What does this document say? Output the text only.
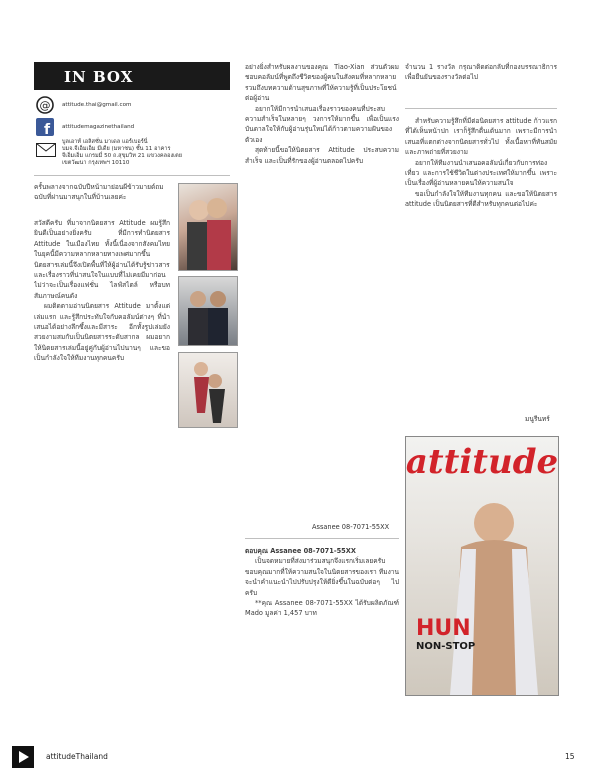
IN BOX
@ attitude.thai@gmail.com
f attitudemagazinethailand
บูลเอาท์ เอลิสซั่น มาเดล แอร์เบอร์นี่
บมจ.จีเอ็มเอ็ม มีเดีย (มหาชน) ชั้น 11 อาคาร
จีเอ็มเอ็ม แกรมมี่ 50 ถ.สุขุมวิท 21 แขวงคลองเตย
เขตวัฒนา กรุงเทพฯ 10110

ครั้นพลางจากฉบับปีหน้ามาย่อนผีข้าวมายด์ถมฉบับที่ผ่านมาสนุกในที่บ้านเลยค่ะ

สวัสดีครับ ที่มาจากนิตยสาร Attitude ผมรู้สึกยินดีเป็นอย่างยิ่งครับ ที่มีการทำนิตยสาร Attitude ในเมืองไทย ทั้งนี้เนื่องจากสังคมไทยในยุคนี้มีความหลากหลายทางเพศมากขึ้น นิตยสารเล่มนี้จึงเปิดพื้นที่ให้ผู้อ่านได้รับรู้ข่าวสารและเรื่องราวที่น่าสนใจในแบบที่ไม่เคยมีมาก่อน ไม่ว่าจะเป็นเรื่องแฟชั่น ไลฟ์สไตล์ หรือบทสัมภาษณ์คนดัง

ผมติดตามอ่านนิตยสาร Attitude มาตั้งแต่เล่มแรก และรู้สึกประทับใจกับคอลัมน์ต่างๆ ที่นำเสนอได้อย่างลึกซึ้งและมีสาระ อีกทั้งรูปเล่มยังสวยงามสมกับเป็นนิตยสารระดับสากล ผมอยากให้นิตยสารเล่มนี้อยู่คู่กับผู้อ่านไปนานๆ และขอเป็นกำลังใจให้ทีมงานทุกคนครับ

อย่างยิ่งสำหรับผลงานของคุณ Tiao-Xian ส่วนตัวผมชอบคอลัมน์ที่พูดถึงชีวิตของผู้คนในสังคมที่หลากหลาย รวมถึงบทความด้านสุขภาพที่ให้ความรู้ที่เป็นประโยชน์ต่อผู้อ่าน

อยากให้มีการนำเสนอเรื่องราวของคนที่ประสบความสำเร็จในหลายๆ วงการให้มากขึ้น เพื่อเป็นแรงบันดาลใจให้กับผู้อ่านรุ่นใหม่ได้ก้าวตามความฝันของตัวเอง

สุดท้ายนี้ขอให้นิตยสาร Attitude ประสบความสำเร็จ และเป็นที่รักของผู้อ่านตลอดไปครับ

Assanee 08-7071-55XX

ตอบคุณ Assanee 08-7071-55XX

เป็นจดหมายที่ส่งมาร่วมสนุกจึงแรกเริ่มเลยครับ ขอบคุณมากที่ให้ความสนใจในนิตยสารของเรา ทีมงานจะนำคำแนะนำไปปรับปรุงให้ดียิ่งขึ้นในฉบับต่อๆ ไปครับ

**คุณ Assanee 08-7071-55XX ได้รับผลิตภัณฑ์ Mado มูลค่า 1,457 บาท

จำนวน 1 รางวัล กรุณาติดต่อกลับที่กองบรรณาธิการ เพื่อยืนยันของรางวัลต่อไป

สำหรับความรู้สึกที่มีต่อนิตยสาร attitude ก้าวแรกที่ได้เห็นหน้าปก เราก็รู้สึกตื่นเต้นมาก เพราะมีการนำเสนอที่แตกต่างจากนิตยสารทั่วไป ทั้งเนื้อหาที่ทันสมัยและภาพถ่ายที่สวยงาม

อยากให้ทีมงานนำเสนอคอลัมน์เกี่ยวกับการท่องเที่ยว และการใช้ชีวิตในต่างประเทศให้มากขึ้น เพราะเป็นเรื่องที่ผู้อ่านหลายคนให้ความสนใจ

ขอเป็นกำลังใจให้ทีมงานทุกคน และขอให้นิตยสาร attitude เป็นนิตยสารที่ดีสำหรับทุกคนต่อไปค่ะ

มนูรีนทร์
attitude
HUN
NON-STOP
attitudeThailand	15
